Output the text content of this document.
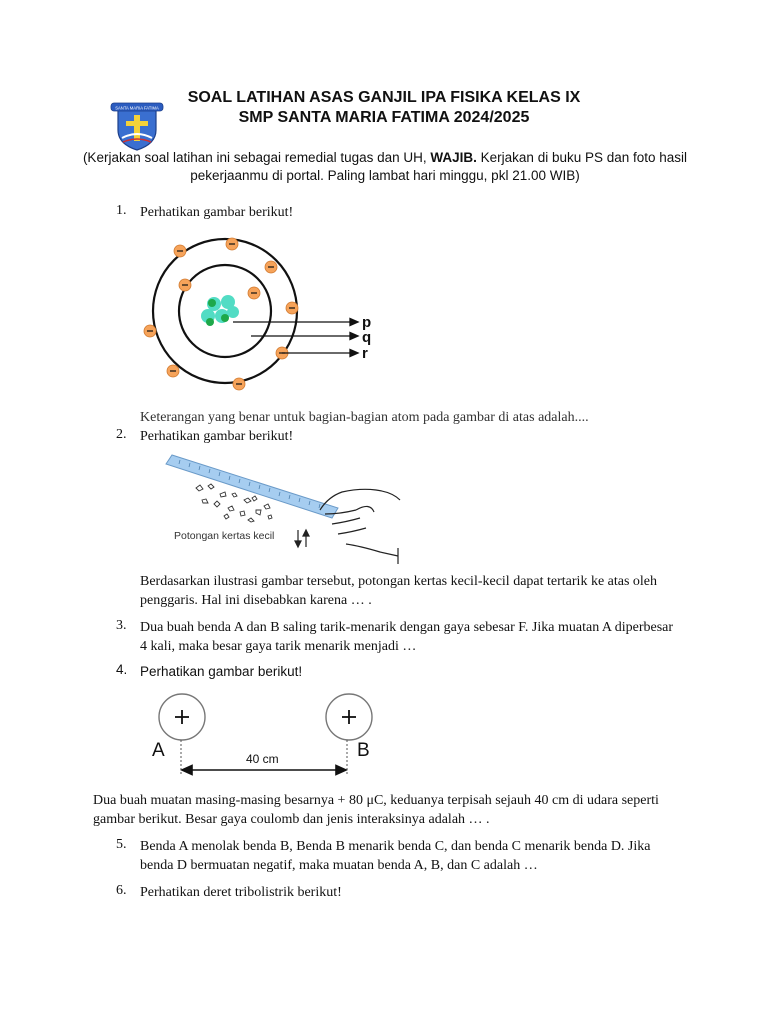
SANTA MARIA FATIMA
SOAL LATIHAN ASAS GANJIL IPA FISIKA KELAS IX
SMP SANTA MARIA FATIMA 2024/2025
(Kerjakan soal latihan ini sebagai remedial tugas dan UH, WAJIB. Kerjakan di buku PS dan foto hasil pekerjaanmu di portal. Paling lambat hari minggu, pkl 21.00 WIB)
1. Perhatikan gambar berikut!
p
q
r
Keterangan yang benar untuk bagian-bagian atom pada gambar di atas adalah....
2. Perhatikan gambar berikut!
Potongan kertas kecil
Berdasarkan ilustrasi gambar tersebut, potongan kertas kecil-kecil dapat tertarik ke atas oleh penggaris. Hal ini disebabkan karena … .
3. Dua buah benda A dan B saling tarik-menarik dengan gaya sebesar F. Jika muatan A diperbesar 4 kali, maka besar gaya tarik menarik menjadi …
4. Perhatikan gambar berikut!
A	B
40 cm
Dua buah muatan masing-masing besarnya + 80 μC, keduanya terpisah sejauh 40 cm di udara seperti gambar berikut. Besar gaya coulomb dan jenis interaksinya adalah … .
5. Benda A menolak benda B, Benda B menarik benda C, dan benda C menarik benda D. Jika benda D bermuatan negatif, maka muatan benda A, B, dan C adalah …
6. Perhatikan deret tribolistrik berikut!
